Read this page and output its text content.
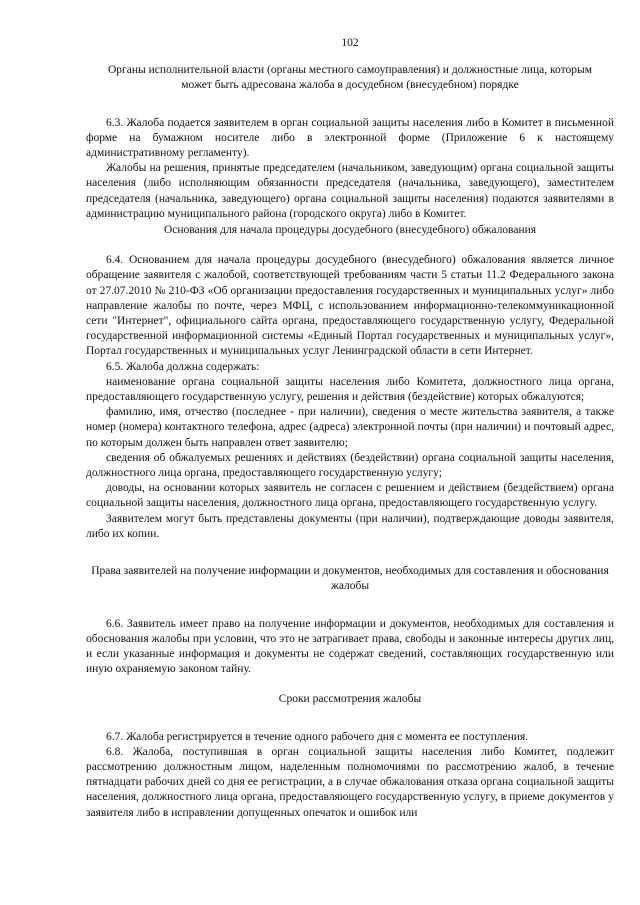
102
Органы исполнительной власти (органы местного самоуправления) и должностные лица, которым может быть адресована жалоба в досудебном (внесудебном) порядке
6.3. Жалоба подается заявителем в орган социальной защиты населения либо в Комитет в письменной форме на бумажном носителе либо в электронной форме (Приложение 6 к настоящему административному регламенту).
Жалобы на решения, принятые председателем (начальником, заведующим) органа социальной защиты населения (либо исполняющим обязанности председателя (начальника, заведующего), заместителем председателя (начальника, заведующего) органа социальной защиты населения) подаются заявителями в администрацию муниципального района (городского округа) либо в Комитет.
Основания для начала процедуры досудебного (внесудебного) обжалования
6.4. Основанием для начала процедуры досудебного (внесудебного) обжалования является личное обращение заявителя с жалобой, соответствующей требованиям части 5 статьи 11.2 Федерального закона от 27.07.2010 № 210-ФЗ «Об организации предоставления государственных и муниципальных услуг» либо направление жалобы по почте, через МФЦ, с использованием информационно-телекоммуникационной сети "Интернет", официального сайта органа, предоставляющего государственную услугу, Федеральной государственной информационной системы «Единый Портал государственных и муниципальных услуг», Портал государственных и муниципальных услуг Ленинградской области в сети Интернет.
6.5. Жалоба должна содержать:
наименование органа социальной защиты населения либо Комитета, должностного лица органа, предоставляющего государственную услугу, решения и действия (бездействие) которых обжалуются;
фамилию, имя, отчество (последнее - при наличии), сведения о месте жительства заявителя, а также номер (номера) контактного телефона, адрес (адреса) электронной почты (при наличии) и почтовый адрес, по которым должен быть направлен ответ заявителю;
сведения об обжалуемых решениях и действиях (бездействии) органа социальной защиты населения, должностного лица органа, предоставляющего государственную услугу;
доводы, на основании которых заявитель не согласен с решением и действием (бездействием) органа социальной защиты населения, должностного лица органа, предоставляющего государственную услугу.
Заявителем могут быть представлены документы (при наличии), подтверждающие доводы заявителя, либо их копии.
Права заявителей на получение информации и документов, необходимых для составления и обоснования жалобы
6.6. Заявитель имеет право на получение информации и документов, необходимых для составления и обоснования жалобы при условии, что это не затрагивает права, свободы и законные интересы других лиц, и если указанные информация и документы не содержат сведений, составляющих государственную или иную охраняемую законом тайну.
Сроки рассмотрения жалобы
6.7. Жалоба регистрируется в течение одного рабочего дня с момента ее поступления.
6.8. Жалоба, поступившая в орган социальной защиты населения либо Комитет, подлежит рассмотрению должностным лицом, наделенным полномочиями по рассмотрению жалоб, в течение пятнадцати рабочих дней со дня ее регистрации, а в случае обжалования отказа органа социальной защиты населения, должностного лица органа, предоставляющего государственную услугу, в приеме документов у заявителя либо в исправлении допущенных опечаток и ошибок или
